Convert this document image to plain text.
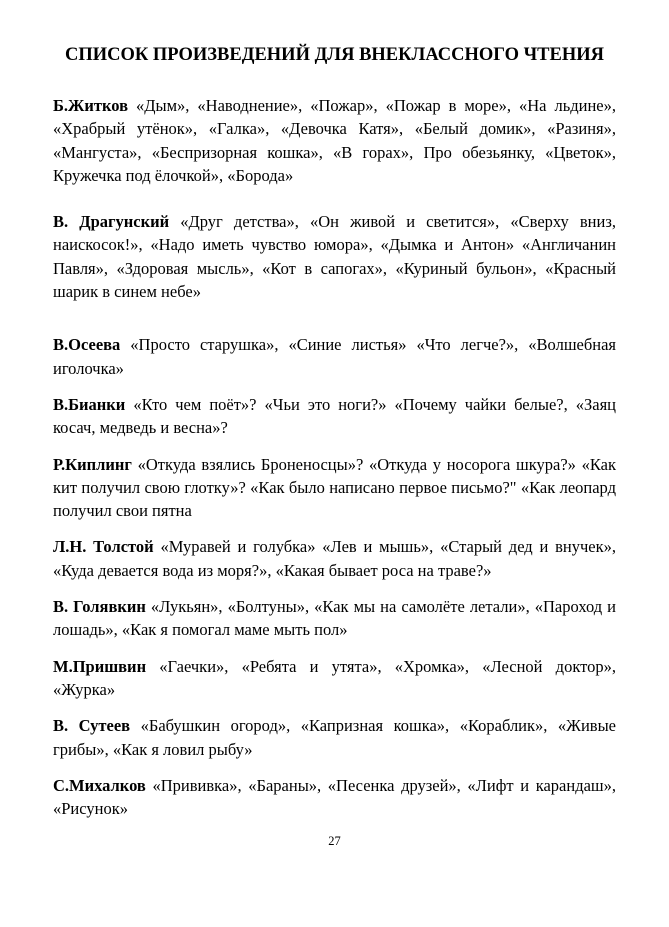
СПИСОК ПРОИЗВЕДЕНИЙ ДЛЯ ВНЕКЛАССНОГО ЧТЕНИЯ

Б.Житков «Дым», «Наводнение», «Пожар», «Пожар в море», «На льдине», «Храбрый утёнок», «Галка», «Девочка Катя», «Белый домик», «Разиня», «Мангуста», «Беспризорная кошка», «В горах», Про обезьянку, «Цветок», Кружечка под ёлочкой», «Борода»

В. Драгунский «Друг детства», «Он живой и светится», «Сверху вниз, наискосок!», «Надо иметь чувство юмора», «Дымка и Антон» «Англичанин Павля», «Здоровая мысль», «Кот в сапогах», «Куриный бульон», «Красный шарик в синем небе»

В.Осеева «Просто старушка», «Синие листья» «Что легче?», «Волшебная иголочка»

В.Бианки «Кто чем поёт»? «Чьи это ноги?» «Почему чайки белые?, «Заяц косач, медведь и весна»?

Р.Киплинг «Откуда взялись Броненосцы»? «Откуда у носорога шкура?» «Как кит получил свою глотку»? «Как было написано первое письмо?" «Как леопард получил свои пятна

Л.Н. Толстой «Муравей и голубка» «Лев и мышь», «Старый дед и внучек», «Куда девается вода из моря?», «Какая бывает роса на траве?»

В. Голявкин «Лукьян», «Болтуны», «Как мы на самолёте летали», «Пароход и лошадь», «Как я помогал маме мыть пол»

М.Пришвин «Гаечки», «Ребята и утята», «Хромка», «Лесной доктор», «Журка»

В. Сутеев «Бабушкин огород», «Капризная кошка», «Кораблик», «Живые грибы», «Как я ловил рыбу»

С.Михалков «Прививка», «Бараны», «Песенка друзей», «Лифт и карандаш», «Рисунок»

27
